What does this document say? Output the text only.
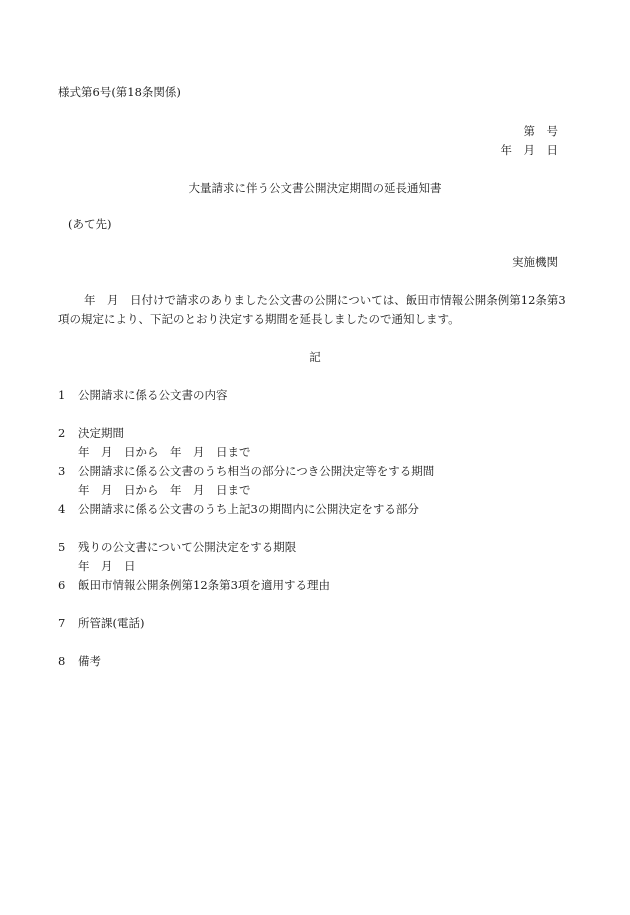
様式第6号(第18条関係)
第　号
年　月　日
大量請求に伴う公文書公開決定期間の延長通知書
(あて先)
実施機関
年　月　日付けで請求のありました公文書の公開については、飯田市情報公開条例第12条第3
項の規定により、下記のとおり決定する期間を延長しましたので通知します。
記
1 公開請求に係る公文書の内容
2 決定期間
年　月　日から　年　月　日まで
3 公開請求に係る公文書のうち相当の部分につき公開決定等をする期間
年　月　日から　年　月　日まで
4 公開請求に係る公文書のうち上記3の期間内に公開決定をする部分
5 残りの公文書について公開決定をする期限
年　月　日
6 飯田市情報公開条例第12条第3項を適用する理由
7 所管課(電話)
8 備考
